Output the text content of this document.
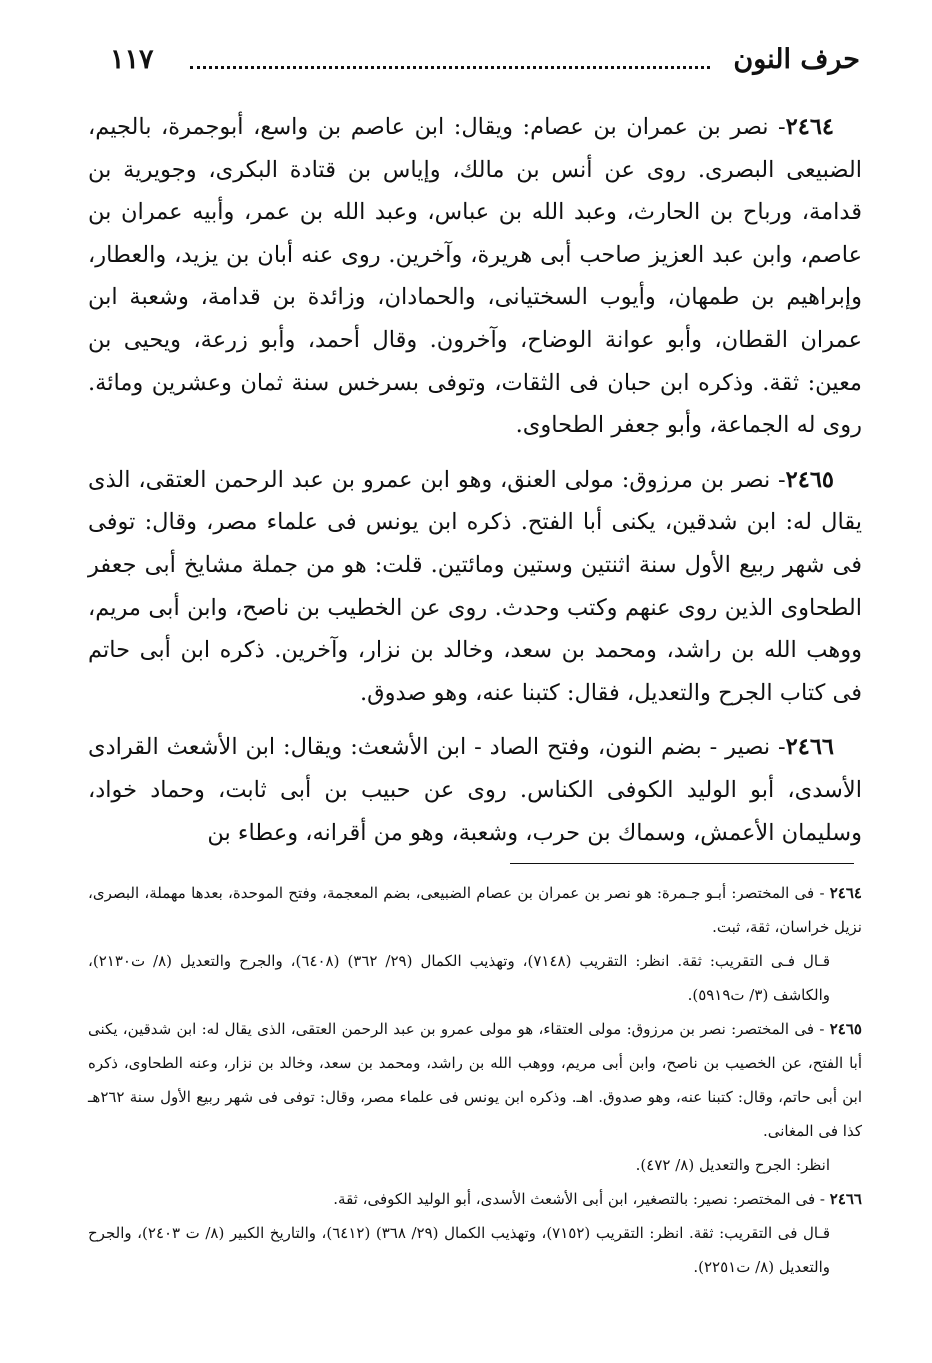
حرف النون
١١٧

٢٤٦٤- نصر بن عمران بن عصام: ويقال: ابن عاصم بن واسع، أبوجمرة، بالجيم، الضبيعى البصرى. روى عن أنس بن مالك، وإياس بن قتادة البكرى، وجويرية بن قدامة، ورباح بن الحارث، وعبد الله بن عباس، وعبد الله بن عمر، وأبيه عمران بن عاصم، وابن عبد العزيز صاحب أبى هريرة، وآخرين. روى عنه أبان بن يزيد، والعطار، وإبراهيم بن طمهان، وأيوب السختيانى، والحمادان، وزائدة بن قدامة، وشعبة ابن عمران القطان، وأبو عوانة الوضاح، وآخرون. وقال أحمد، وأبو زرعة، ويحيى بن معين: ثقة. وذكره ابن حبان فى الثقات، وتوفى بسرخس سنة ثمان وعشرين ومائة. روى له الجماعة، وأبو جعفر الطحاوى.

٢٤٦٥- نصر بن مرزوق: مولى العنق، وهو ابن عمرو بن عبد الرحمن العتقى، الذى يقال له: ابن شدقين، يكنى أبا الفتح. ذكره ابن يونس فى علماء مصر، وقال: توفى فى شهر ربيع الأول سنة اثنتين وستين ومائتين. قلت: هو من جملة مشايخ أبى جعفر الطحاوى الذين روى عنهم وكتب وحدث. روى عن الخطيب بن ناصح، وابن أبى مريم، ووهب الله بن راشد، ومحمد بن سعد، وخالد بن نزار، وآخرين. ذكره ابن أبى حاتم فى كتاب الجرح والتعديل، فقال: كتبنا عنه، وهو صدوق.

٢٤٦٦- نصير - بضم النون، وفتح الصاد - ابن الأشعث: ويقال: ابن الأشعث القرادى الأسدى، أبو الوليد الكوفى الكناس. روى عن حبيب بن أبى ثابت، وحماد خواد، وسليمان الأعمش، وسماك بن حرب، وشعبة، وهو من أقرانه، وعطاء بن

٢٤٦٤ - فى المختصر: أبـو جـمرة: هو نصر بن عمران بن عصام الضبيعى، بضم المعجمة، وفتح الموحدة، بعدها مهملة، البصرى، نزيل خراسان، ثقة، ثبت.

قـال فـى التقريب: ثقة. انظر: التقريب (٧١٤٨)، وتهذيب الكمال (٢٩/ ٣٦٢) (٦٤٠٨)، والجرح والتعديل (٨/ ت٢١٣٠)، والكاشف (٣/ ت٥٩١٩).

٢٤٦٥ - فى المختصر: نصر بن مرزوق: مولى العتقاء، هو مولى عمرو بن عبد الرحمن العتقى، الذى يقال له: ابن شدقين، يكنى أبا الفتح، عن الخصيب بن ناصح، وابن أبى مريم، ووهب الله بن راشد، ومحمد بن سعد، وخالد بن نزار، وعنه الطحاوى، ذكره ابن أبى حاتم، وقال: كتبنا عنه، وهو صدوق. اهـ. وذكره ابن يونس فى علماء مصر، وقال: توفى فى شهر ربيع الأول سنة ٢٦٢هـ كذا فى المغانى.

انظر: الجرح والتعديل (٨/ ٤٧٢).

٢٤٦٦ - فى المختصر: نصير: بالتصغير، ابن أبى الأشعث الأسدى، أبو الوليد الكوفى، ثقة.

قـال فى التقريب: ثقة. انظر: التقريب (٧١٥٢)، وتهذيب الكمال (٢٩/ ٣٦٨) (٦٤١٢)، والتاريخ الكبير (٨/ ت ٢٤٠٣)، والجرح والتعديل (٨/ ت٢٢٥١).
